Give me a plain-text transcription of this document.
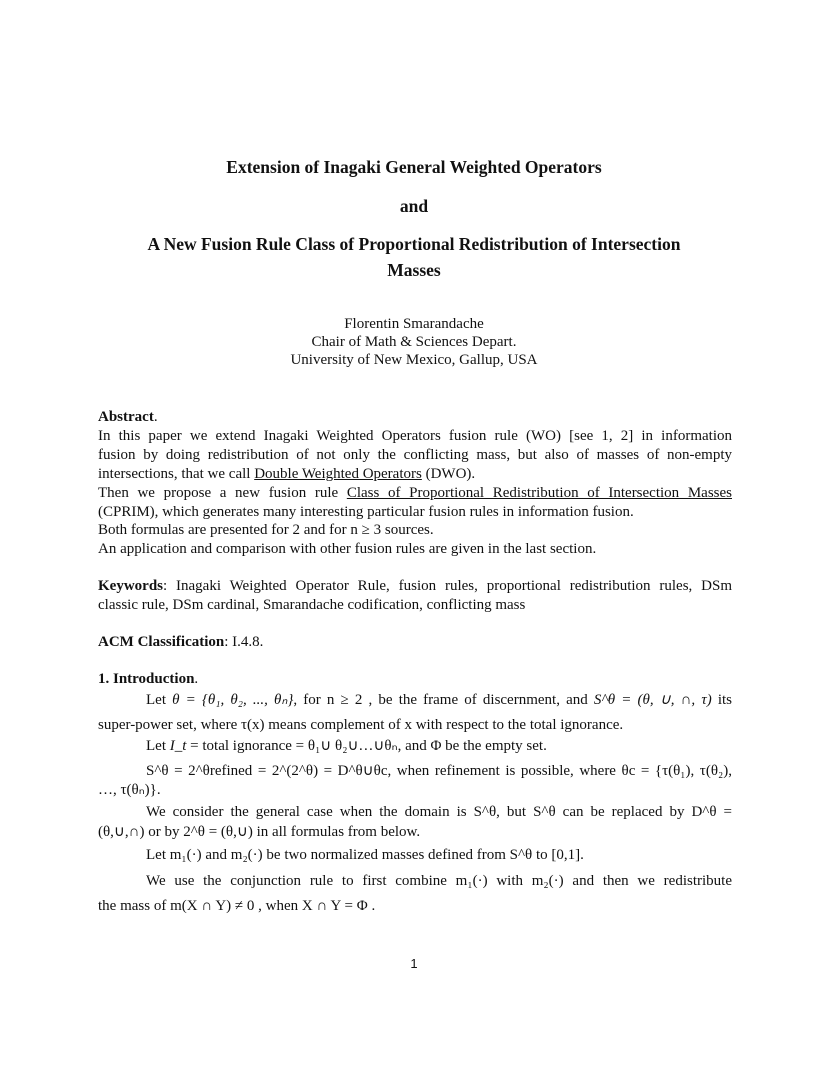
Extension of Inagaki General Weighted Operators
and
A New Fusion Rule Class of Proportional Redistribution of Intersection
Masses
Florentin Smarandache
Chair of Math & Sciences Depart.
University of New Mexico, Gallup, USA
Abstract.
In this paper we extend Inagaki Weighted Operators fusion rule (WO) [see 1, 2] in information
fusion by doing redistribution of not only the conflicting mass, but also of masses of non-empty
intersections, that we call Double Weighted Operators (DWO).
Then we propose a new fusion rule Class of Proportional Redistribution of Intersection Masses
(CPRIM), which generates many interesting particular fusion rules in information fusion.
Both formulas are presented for 2 and for n ≥ 3 sources.
An application and comparison with other fusion rules are given in the last section.
Keywords: Inagaki Weighted Operator Rule, fusion rules, proportional redistribution rules, DSm
classic rule, DSm cardinal, Smarandache codification, conflicting mass
ACM Classification: I.4.8.
1. Introduction.
Let θ = {θ₁, θ₂, ..., θₙ}, for n ≥ 2 , be the frame of discernment, and S^θ = (θ, ∪, ∩, τ) its
super-power set, where τ(x) means complement of x with respect to the total ignorance.
Let I_t = total ignorance = θ₁∪ θ₂∪…∪θₙ, and Φ be the empty set.
S^θ = 2^θrefined = 2^(2^θ) = D^θ∪θc, when refinement is possible, where θc = {τ(θ₁), τ(θ₂),
…, τ(θₙ)}.
We consider the general case when the domain is S^θ, but S^θ can be replaced by D^θ =
(θ,∪,∩) or by 2^θ = (θ,∪) in all formulas from below.
Let m₁(·) and m₂(·) be two normalized masses defined from S^θ to [0,1].
We use the conjunction rule to first combine m₁(·) with m₂(·) and then we redistribute
the mass of m(X ∩ Y) ≠ 0 , when X ∩ Y = Φ .
1
